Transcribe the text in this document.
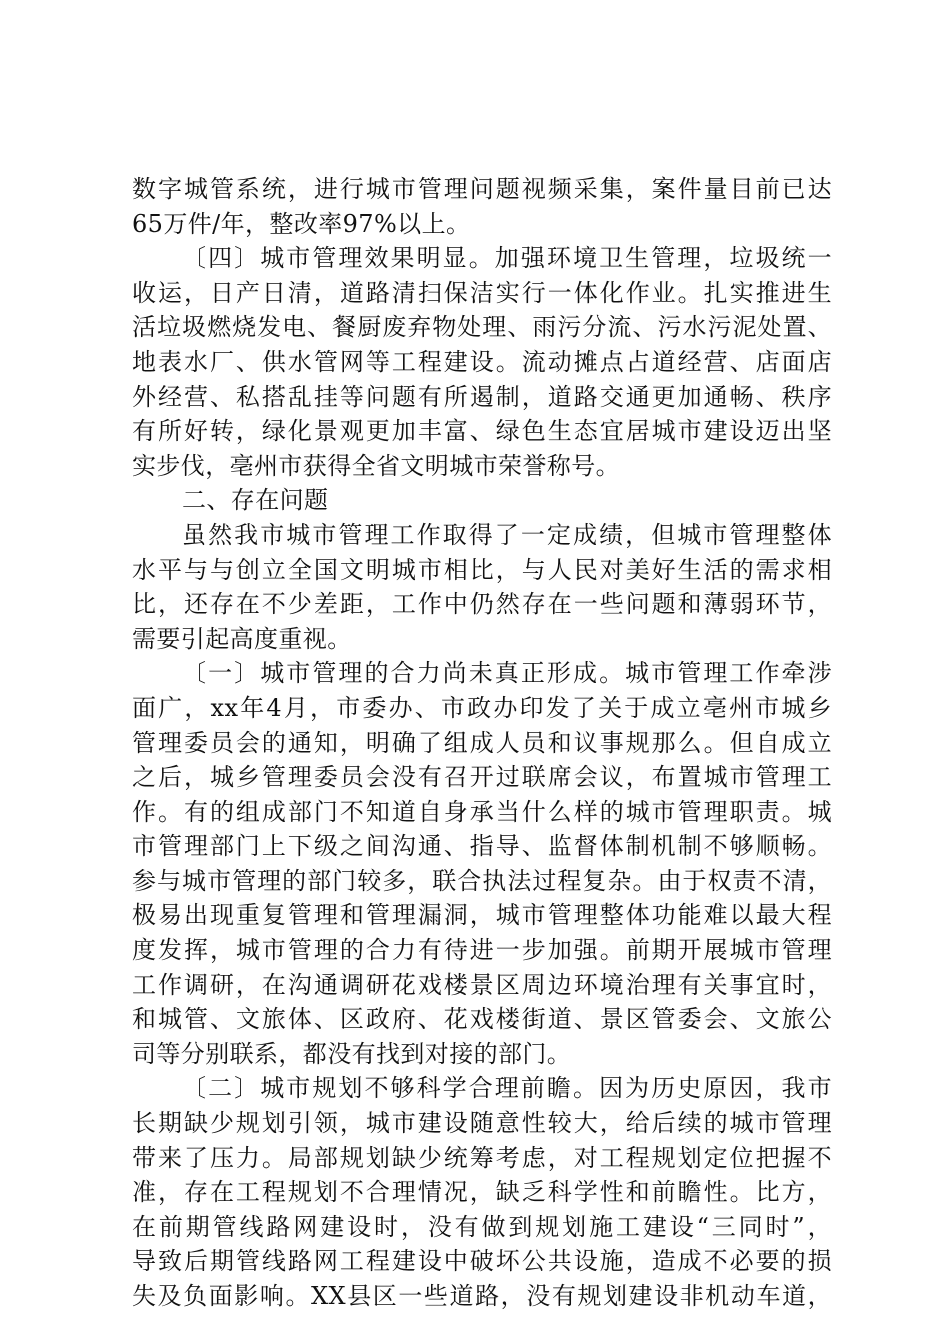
数字城管系统，进行城市管理问题视频采集，案件量目前已达
65万件/年，整改率97%以上。
〔四〕城市管理效果明显。加强环境卫生管理，垃圾统一
收运，日产日清，道路清扫保洁实行一体化作业。扎实推进生
活垃圾燃烧发电、餐厨废弃物处理、雨污分流、污水污泥处置、
地表水厂、供水管网等工程建设。流动摊点占道经营、店面店
外经营、私搭乱挂等问题有所遏制，道路交通更加通畅、秩序
有所好转，绿化景观更加丰富、绿色生态宜居城市建设迈出坚
实步伐，亳州市获得全省文明城市荣誉称号。
二、存在问题
虽然我市城市管理工作取得了一定成绩，但城市管理整体
水平与与创立全国文明城市相比，与人民对美好生活的需求相
比，还存在不少差距，工作中仍然存在一些问题和薄弱环节，
需要引起高度重视。
〔一〕城市管理的合力尚未真正形成。城市管理工作牵涉
面广，xx年4月，市委办、市政办印发了关于成立亳州市城乡
管理委员会的通知，明确了组成人员和议事规那么。但自成立
之后，城乡管理委员会没有召开过联席会议，布置城市管理工
作。有的组成部门不知道自身承当什么样的城市管理职责。城
市管理部门上下级之间沟通、指导、监督体制机制不够顺畅。
参与城市管理的部门较多，联合执法过程复杂。由于权责不清，
极易出现重复管理和管理漏洞，城市管理整体功能难以最大程
度发挥，城市管理的合力有待进一步加强。前期开展城市管理
工作调研，在沟通调研花戏楼景区周边环境治理有关事宜时，
和城管、文旅体、区政府、花戏楼街道、景区管委会、文旅公
司等分别联系，都没有找到对接的部门。
〔二〕城市规划不够科学合理前瞻。因为历史原因，我市
长期缺少规划引领，城市建设随意性较大，给后续的城市管理
带来了压力。局部规划缺少统筹考虑，对工程规划定位把握不
准，存在工程规划不合理情况，缺乏科学性和前瞻性。比方，
在前期管线路网建设时，没有做到规划施工建设“三同时”，
导致后期管线路网工程建设中破坏公共设施，造成不必要的损
失及负面影响。XX县区一些道路，没有规划建设非机动车道，
